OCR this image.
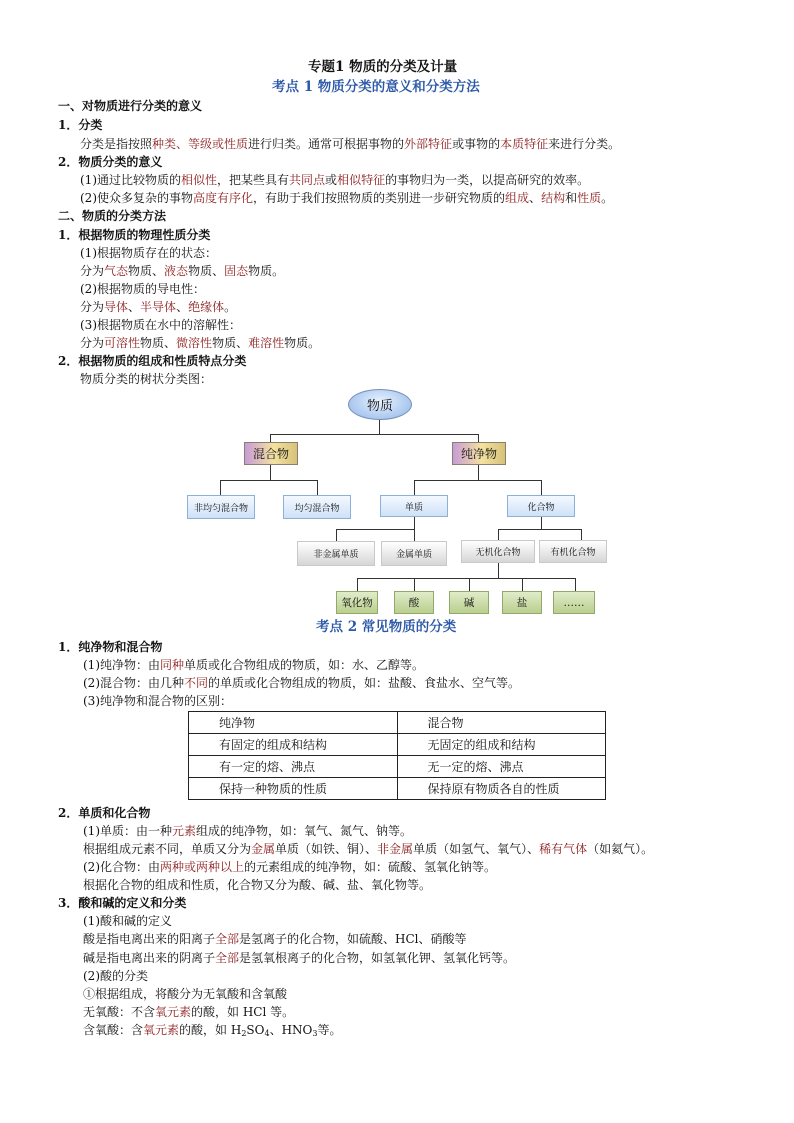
专题1 物质的分类及计量
考点 1 物质分类的意义和分类方法
一、对物质进行分类的意义
1．分类
分类是指按照种类、等级或性质进行归类。通常可根据事物的外部特征或事物的本质特征来进行分类。
2．物质分类的意义
(1)通过比较物质的相似性，把某些具有共同点或相似特征的事物归为一类，以提高研究的效率。
(2)使众多复杂的事物高度有序化，有助于我们按照物质的类别进一步研究物质的组成、结构和性质。
二、物质的分类方法
1．根据物质的物理性质分类
(1)根据物质存在的状态：
分为气态物质、液态物质、固态物质。
(2)根据物质的导电性：
分为导体、半导体、绝缘体。
(3)根据物质在水中的溶解性：
分为可溶性物质、微溶性物质、难溶性物质。
2．根据物质的组成和性质特点分类
物质分类的树状分类图：
物质
混合物	纯净物
非均匀混合物	均匀混合物	单质	化合物
非金属单质	金属单质	无机化合物	有机化合物
氧化物	酸	碱	盐	……
考点 2 常见物质的分类
1．纯净物和混合物
(1)纯净物：由同种单质或化合物组成的物质，如：水、乙醇等。
(2)混合物：由几种不同的单质或化合物组成的物质，如：盐酸、食盐水、空气等。
(3)纯净物和混合物的区别：
纯净物	混合物
有固定的组成和结构	无固定的组成和结构
有一定的熔、沸点	无一定的熔、沸点
保持一种物质的性质	保持原有物质各自的性质
2．单质和化合物
(1)单质：由一种元素组成的纯净物，如：氧气、氮气、钠等。
根据组成元素不同，单质又分为金属单质（如铁、铜）、非金属单质（如氢气、氧气）、稀有气体（如氦气）。
(2)化合物：由两种或两种以上的元素组成的纯净物，如：硫酸、氢氧化钠等。
根据化合物的组成和性质，化合物又分为酸、碱、盐、氧化物等。
3．酸和碱的定义和分类
(1)酸和碱的定义
酸是指电离出来的阳离子全部是氢离子的化合物，如硫酸、HCl、硝酸等
碱是指电离出来的阴离子全部是氢氧根离子的化合物，如氢氧化钾、氢氧化钙等。
(2)酸的分类
①根据组成，将酸分为无氧酸和含氧酸
无氧酸：不含氧元素的酸，如 HCl 等。
含氧酸：含氧元素的酸，如 $H_2SO_4$、$HNO_3$等。
